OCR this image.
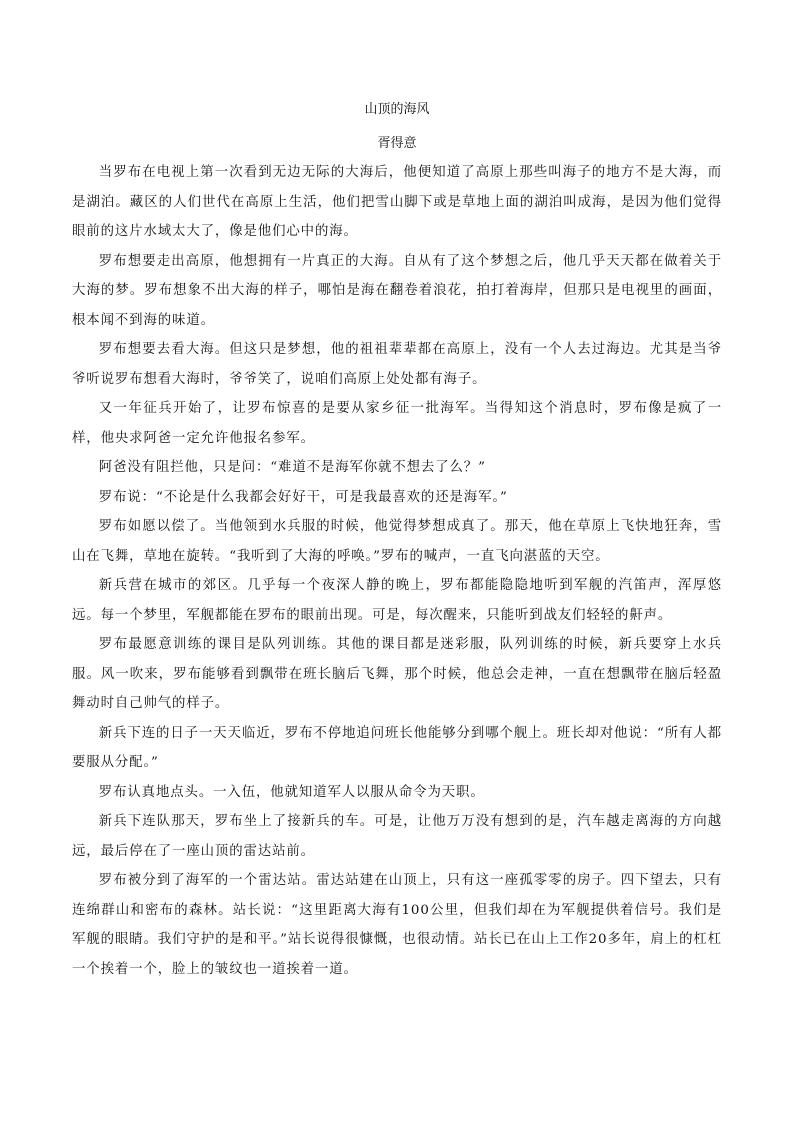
山顶的海风
胥得意

当罗布在电视上第一次看到无边无际的大海后，他便知道了高原上那些叫海子的地方不是大海，而是湖泊。藏区的人们世代在高原上生活，他们把雪山脚下或是草地上面的湖泊叫成海，是因为他们觉得眼前的这片水域太大了，像是他们心中的海。

罗布想要走出高原，他想拥有一片真正的大海。自从有了这个梦想之后，他几乎天天都在做着关于大海的梦。罗布想象不出大海的样子，哪怕是海在翻卷着浪花，拍打着海岸，但那只是电视里的画面，根本闻不到海的味道。

罗布想要去看大海。但这只是梦想，他的祖祖辈辈都在高原上，没有一个人去过海边。尤其是当爷爷听说罗布想看大海时，爷爷笑了，说咱们高原上处处都有海子。

又一年征兵开始了，让罗布惊喜的是要从家乡征一批海军。当得知这个消息时，罗布像是疯了一样，他央求阿爸一定允许他报名参军。

阿爸没有阻拦他，只是问：“难道不是海军你就不想去了么？”

罗布说：“不论是什么我都会好好干，可是我最喜欢的还是海军。”

罗布如愿以偿了。当他领到水兵服的时候，他觉得梦想成真了。那天，他在草原上飞快地狂奔，雪山在飞舞，草地在旋转。“我听到了大海的呼唤。”罗布的喊声，一直飞向湛蓝的天空。

新兵营在城市的郊区。几乎每一个夜深人静的晚上，罗布都能隐隐地听到军舰的汽笛声，浑厚悠远。每一个梦里，军舰都能在罗布的眼前出现。可是，每次醒来，只能听到战友们轻轻的鼾声。

罗布最愿意训练的课目是队列训练。其他的课目都是迷彩服，队列训练的时候，新兵要穿上水兵服。风一吹来，罗布能够看到飘带在班长脑后飞舞，那个时候，他总会走神，一直在想飘带在脑后轻盈舞动时自己帅气的样子。

新兵下连的日子一天天临近，罗布不停地追问班长他能够分到哪个舰上。班长却对他说：“所有人都要服从分配。”

罗布认真地点头。一入伍，他就知道军人以服从命令为天职。

新兵下连队那天，罗布坐上了接新兵的车。可是，让他万万没有想到的是，汽车越走离海的方向越远，最后停在了一座山顶的雷达站前。

罗布被分到了海军的一个雷达站。雷达站建在山顶上，只有这一座孤零零的房子。四下望去，只有连绵群山和密布的森林。站长说：“这里距离大海有100公里，但我们却在为军舰提供着信号。我们是军舰的眼睛。我们守护的是和平。”站长说得很慷慨，也很动情。站长已在山上工作20多年，肩上的杠杠一个挨着一个，脸上的皱纹也一道挨着一道。
